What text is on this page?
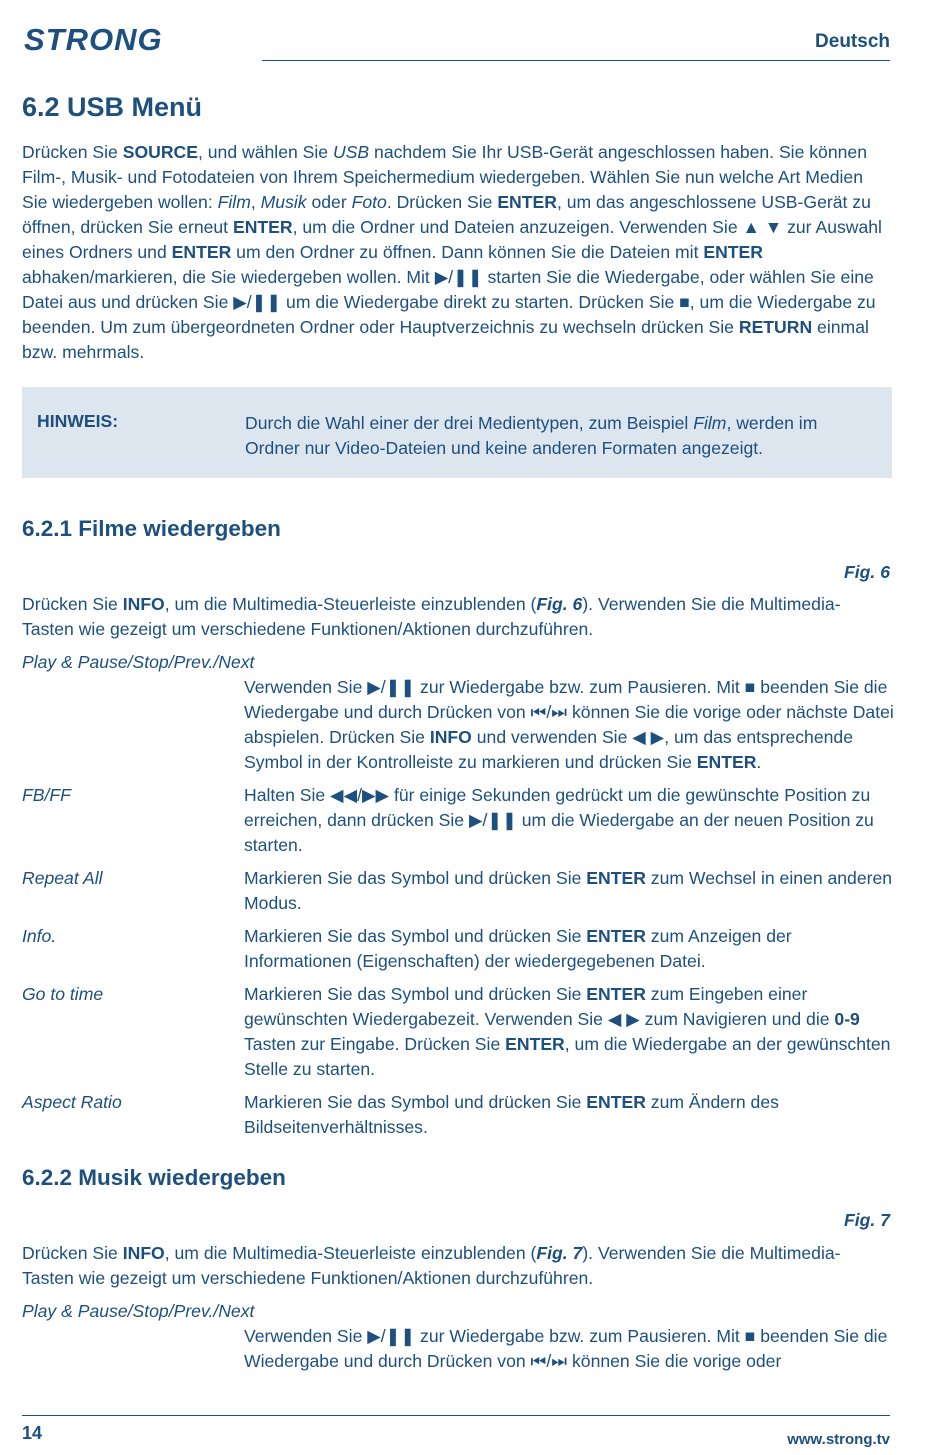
STRONG	Deutsch
6.2 USB Menü

Drücken Sie SOURCE, und wählen Sie USB nachdem Sie Ihr USB-Gerät angeschlossen haben. Sie können Film-, Musik- und Fotodateien von Ihrem Speichermedium wiedergeben. Wählen Sie nun welche Art Medien Sie wiedergeben wollen: Film, Musik oder Foto. Drücken Sie ENTER, um das angeschlossene USB-Gerät zu öffnen, drücken Sie erneut ENTER, um die Ordner und Dateien anzuzeigen. Verwenden Sie ▲ ▼ zur Auswahl eines Ordners und ENTER um den Ordner zu öffnen. Dann können Sie die Dateien mit ENTER abhaken/markieren, die Sie wiedergeben wollen. Mit ▶/❚❚ starten Sie die Wiedergabe, oder wählen Sie eine Datei aus und drücken Sie ▶/❚❚ um die Wiedergabe direkt zu starten. Drücken Sie ■, um die Wiedergabe zu beenden. Um zum übergeordneten Ordner oder Hauptverzeichnis zu wechseln drücken Sie RETURN einmal bzw. mehrmals.

HINWEIS:	Durch die Wahl einer der drei Medientypen, zum Beispiel Film, werden im Ordner nur Video-Dateien und keine anderen Formaten angezeigt.
6.2.1 Filme wiedergeben
Fig. 6

Drücken Sie INFO, um die Multimedia-Steuerleiste einzublenden (Fig. 6). Verwenden Sie die Multimedia-Tasten wie gezeigt um verschiedene Funktionen/Aktionen durchzuführen.

Play & Pause/Stop/Prev./Next
Verwenden Sie ▶/❚❚ zur Wiedergabe bzw. zum Pausieren. Mit ■ beenden Sie die Wiedergabe und durch Drücken von ⏮/⏭ können Sie die vorige oder nächste Datei abspielen. Drücken Sie INFO und verwenden Sie ◀ ▶, um das entsprechende Symbol in der Kontrolleiste zu markieren und drücken Sie ENTER.
FB/FF	Halten Sie ◀◀/▶▶ für einige Sekunden gedrückt um die gewünschte Position zu erreichen, dann drücken Sie ▶/❚❚ um die Wiedergabe an der neuen Position zu starten.
Repeat All	Markieren Sie das Symbol und drücken Sie ENTER zum Wechsel in einen anderen Modus.
Info.	Markieren Sie das Symbol und drücken Sie ENTER zum Anzeigen der Informationen (Eigenschaften) der wiedergegebenen Datei.
Go to time	Markieren Sie das Symbol und drücken Sie ENTER zum Eingeben einer gewünschten Wiedergabezeit. Verwenden Sie ◀ ▶ zum Navigieren und die 0-9 Tasten zur Eingabe. Drücken Sie ENTER, um die Wiedergabe an der gewünschten Stelle zu starten.
Aspect Ratio	Markieren Sie das Symbol und drücken Sie ENTER zum Ändern des Bildseitenverhältnisses.
6.2.2 Musik wiedergeben
Fig. 7

Drücken Sie INFO, um die Multimedia-Steuerleiste einzublenden (Fig. 7). Verwenden Sie die Multimedia-Tasten wie gezeigt um verschiedene Funktionen/Aktionen durchzuführen.

Play & Pause/Stop/Prev./Next
Verwenden Sie ▶/❚❚ zur Wiedergabe bzw. zum Pausieren. Mit ■ beenden Sie die Wiedergabe und durch Drücken von ⏮/⏭ können Sie die vorige oder
14	www.strong.tv
